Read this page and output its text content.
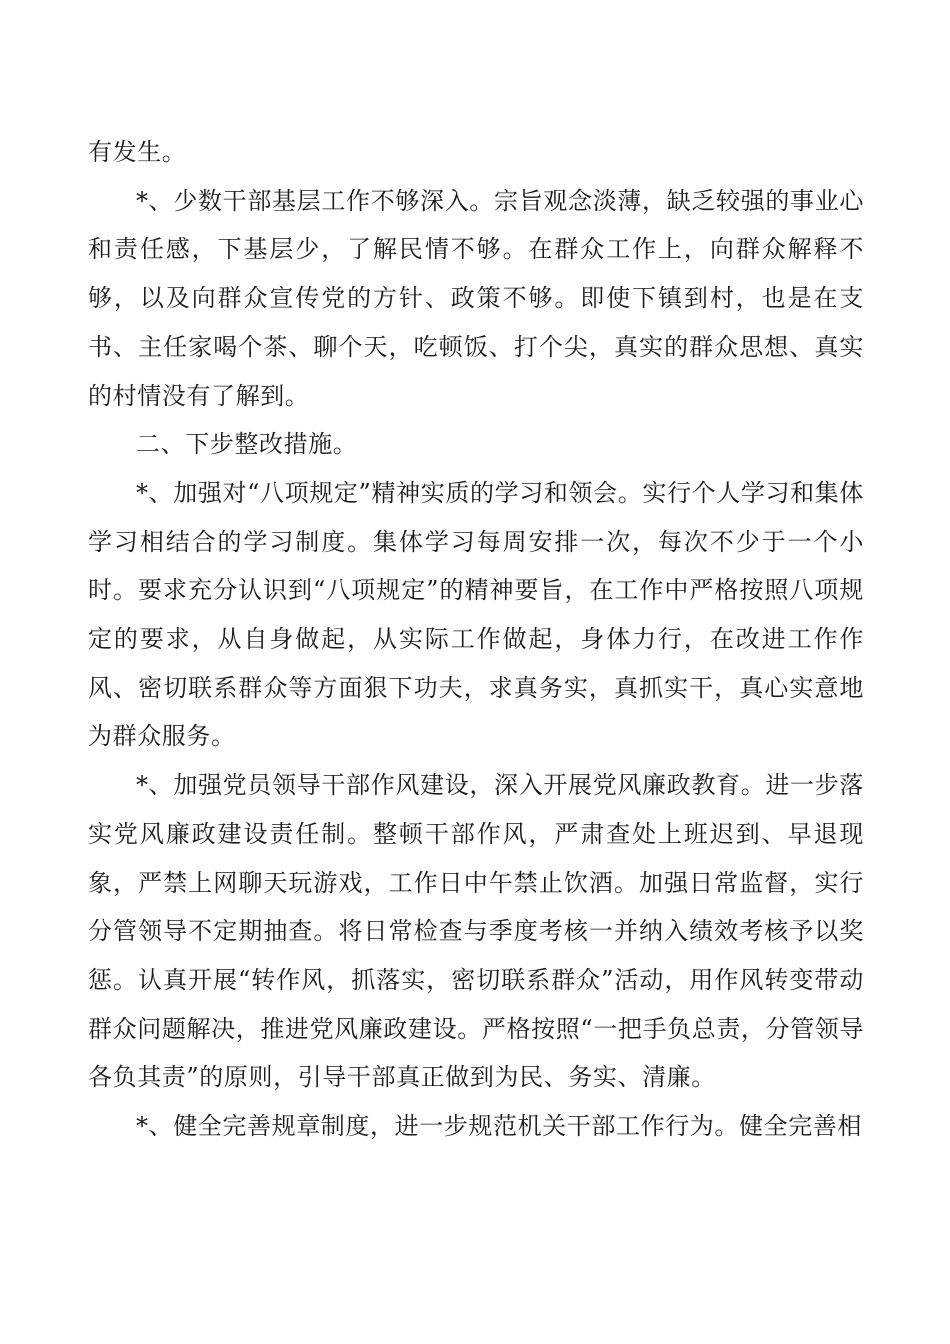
有发生。

*、少数干部基层工作不够深入。宗旨观念淡薄，缺乏较强的事业心和责任感，下基层少，了解民情不够。在群众工作上，向群众解释不够，以及向群众宣传党的方针、政策不够。即使下镇到村，也是在支书、主任家喝个茶、聊个天，吃顿饭、打个尖，真实的群众思想、真实的村情没有了解到。

二、下步整改措施。

*、加强对“八项规定”精神实质的学习和领会。实行个人学习和集体学习相结合的学习制度。集体学习每周安排一次，每次不少于一个小时。要求充分认识到“八项规定”的精神要旨，在工作中严格按照八项规定的要求，从自身做起，从实际工作做起，身体力行，在改进工作作风、密切联系群众等方面狠下功夫，求真务实，真抓实干，真心实意地为群众服务。

*、加强党员领导干部作风建设，深入开展党风廉政教育。进一步落实党风廉政建设责任制。整顿干部作风，严肃查处上班迟到、早退现象，严禁上网聊天玩游戏，工作日中午禁止饮酒。加强日常监督，实行分管领导不定期抽查。将日常检查与季度考核一并纳入绩效考核予以奖惩。认真开展“转作风，抓落实，密切联系群众”活动，用作风转变带动群众问题解决，推进党风廉政建设。严格按照“一把手负总责，分管领导各负其责”的原则，引导干部真正做到为民、务实、清廉。

*、健全完善规章制度，进一步规范机关干部工作行为。健全完善相
